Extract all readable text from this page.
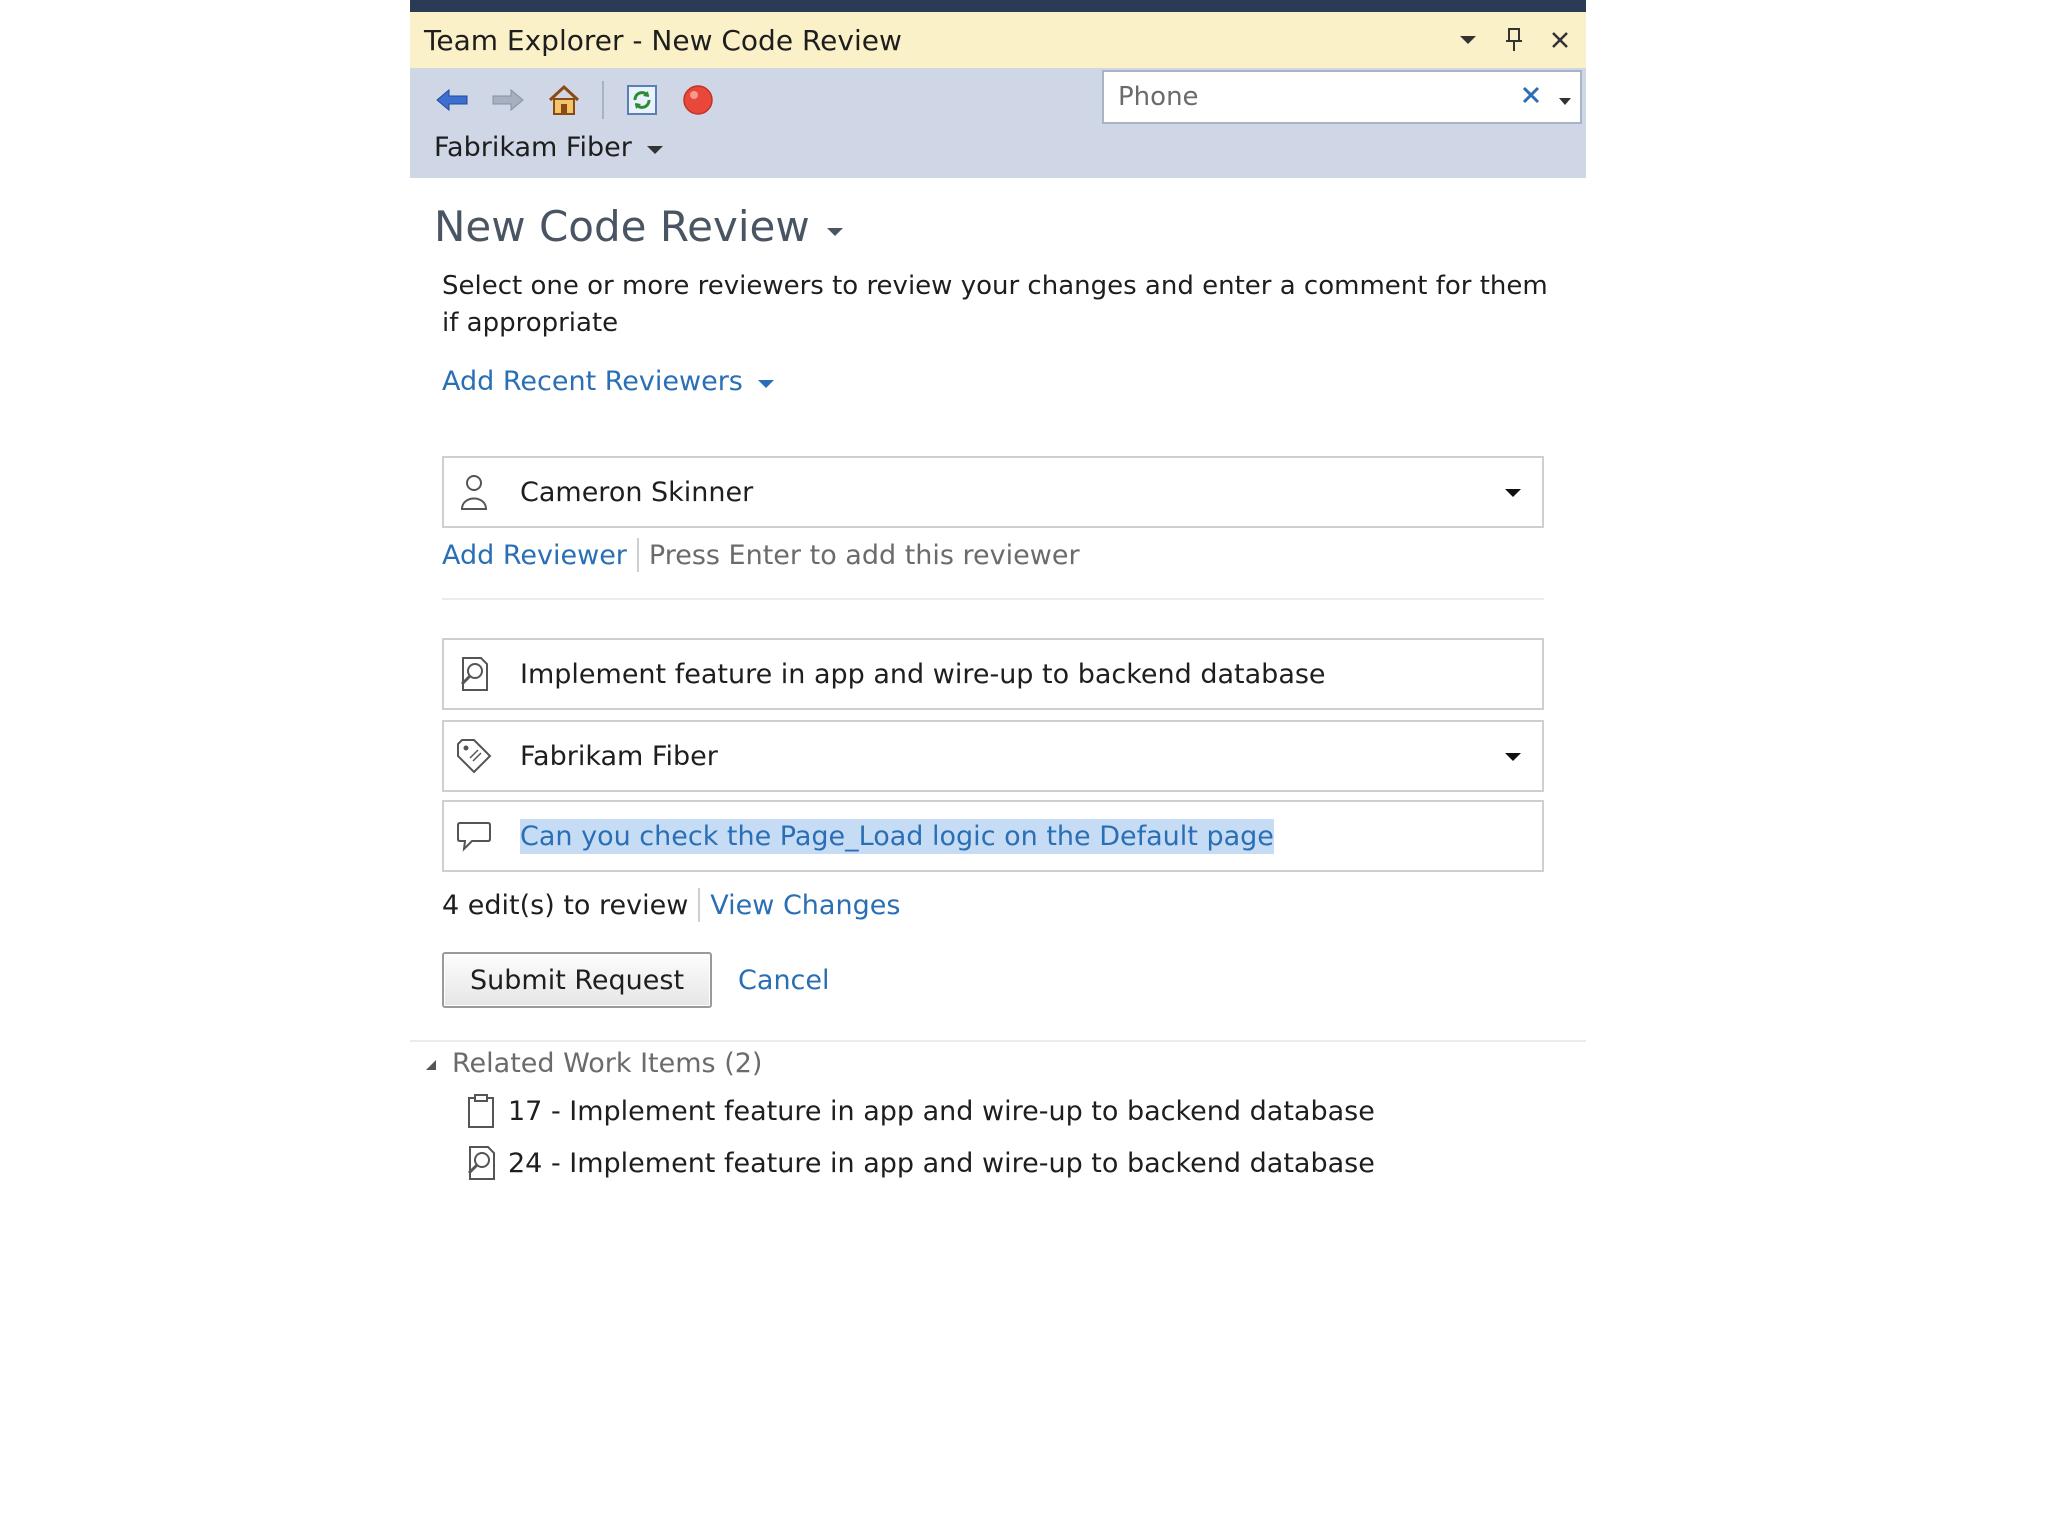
Team Explorer - New Code Review
Phone
Fabrikam Fiber
New Code Review
Select one or more reviewers to review your changes and enter a comment for them if appropriate
Add Recent Reviewers
Cameron Skinner
Add Reviewer Press Enter to add this reviewer
Implement feature in app and wire-up to backend database
Fabrikam Fiber
Can you check the Page_Load logic on the Default page
4 edit(s) to review View Changes
Submit Request	Cancel
Related Work Items (2)
17 - Implement feature in app and wire-up to backend database
24 - Implement feature in app and wire-up to backend database
